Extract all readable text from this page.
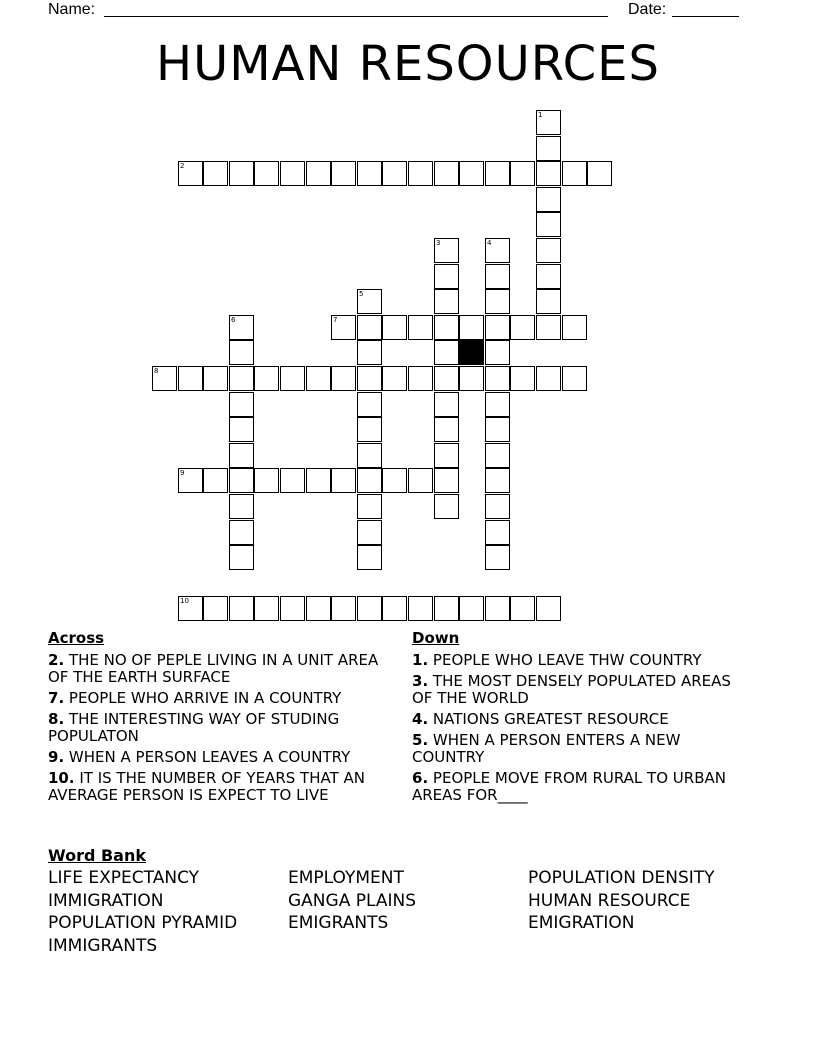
Name:	Date:
HUMAN RESOURCES
1
2
3	4
5
6	7
8
9
10
Across
2. THE NO OF PEPLE LIVING IN A UNIT AREA OF THE EARTH SURFACE
7. PEOPLE WHO ARRIVE IN A COUNTRY
8. THE INTERESTING WAY OF STUDING POPULATON
9. WHEN A PERSON LEAVES A COUNTRY
10. IT IS THE NUMBER OF YEARS THAT AN AVERAGE PERSON IS EXPECT TO LIVE
Down
1. PEOPLE WHO LEAVE THW COUNTRY
3. THE MOST DENSELY POPULATED AREAS OF THE WORLD
4. NATIONS GREATEST RESOURCE
5. WHEN A PERSON ENTERS A NEW COUNTRY
6. PEOPLE MOVE FROM RURAL TO URBAN AREAS FOR____
Word Bank
LIFE EXPECTANCY
IMMIGRATION
POPULATION PYRAMID
IMMIGRANTS
EMPLOYMENT
GANGA PLAINS
EMIGRANTS
POPULATION DENSITY
HUMAN RESOURCE
EMIGRATION
